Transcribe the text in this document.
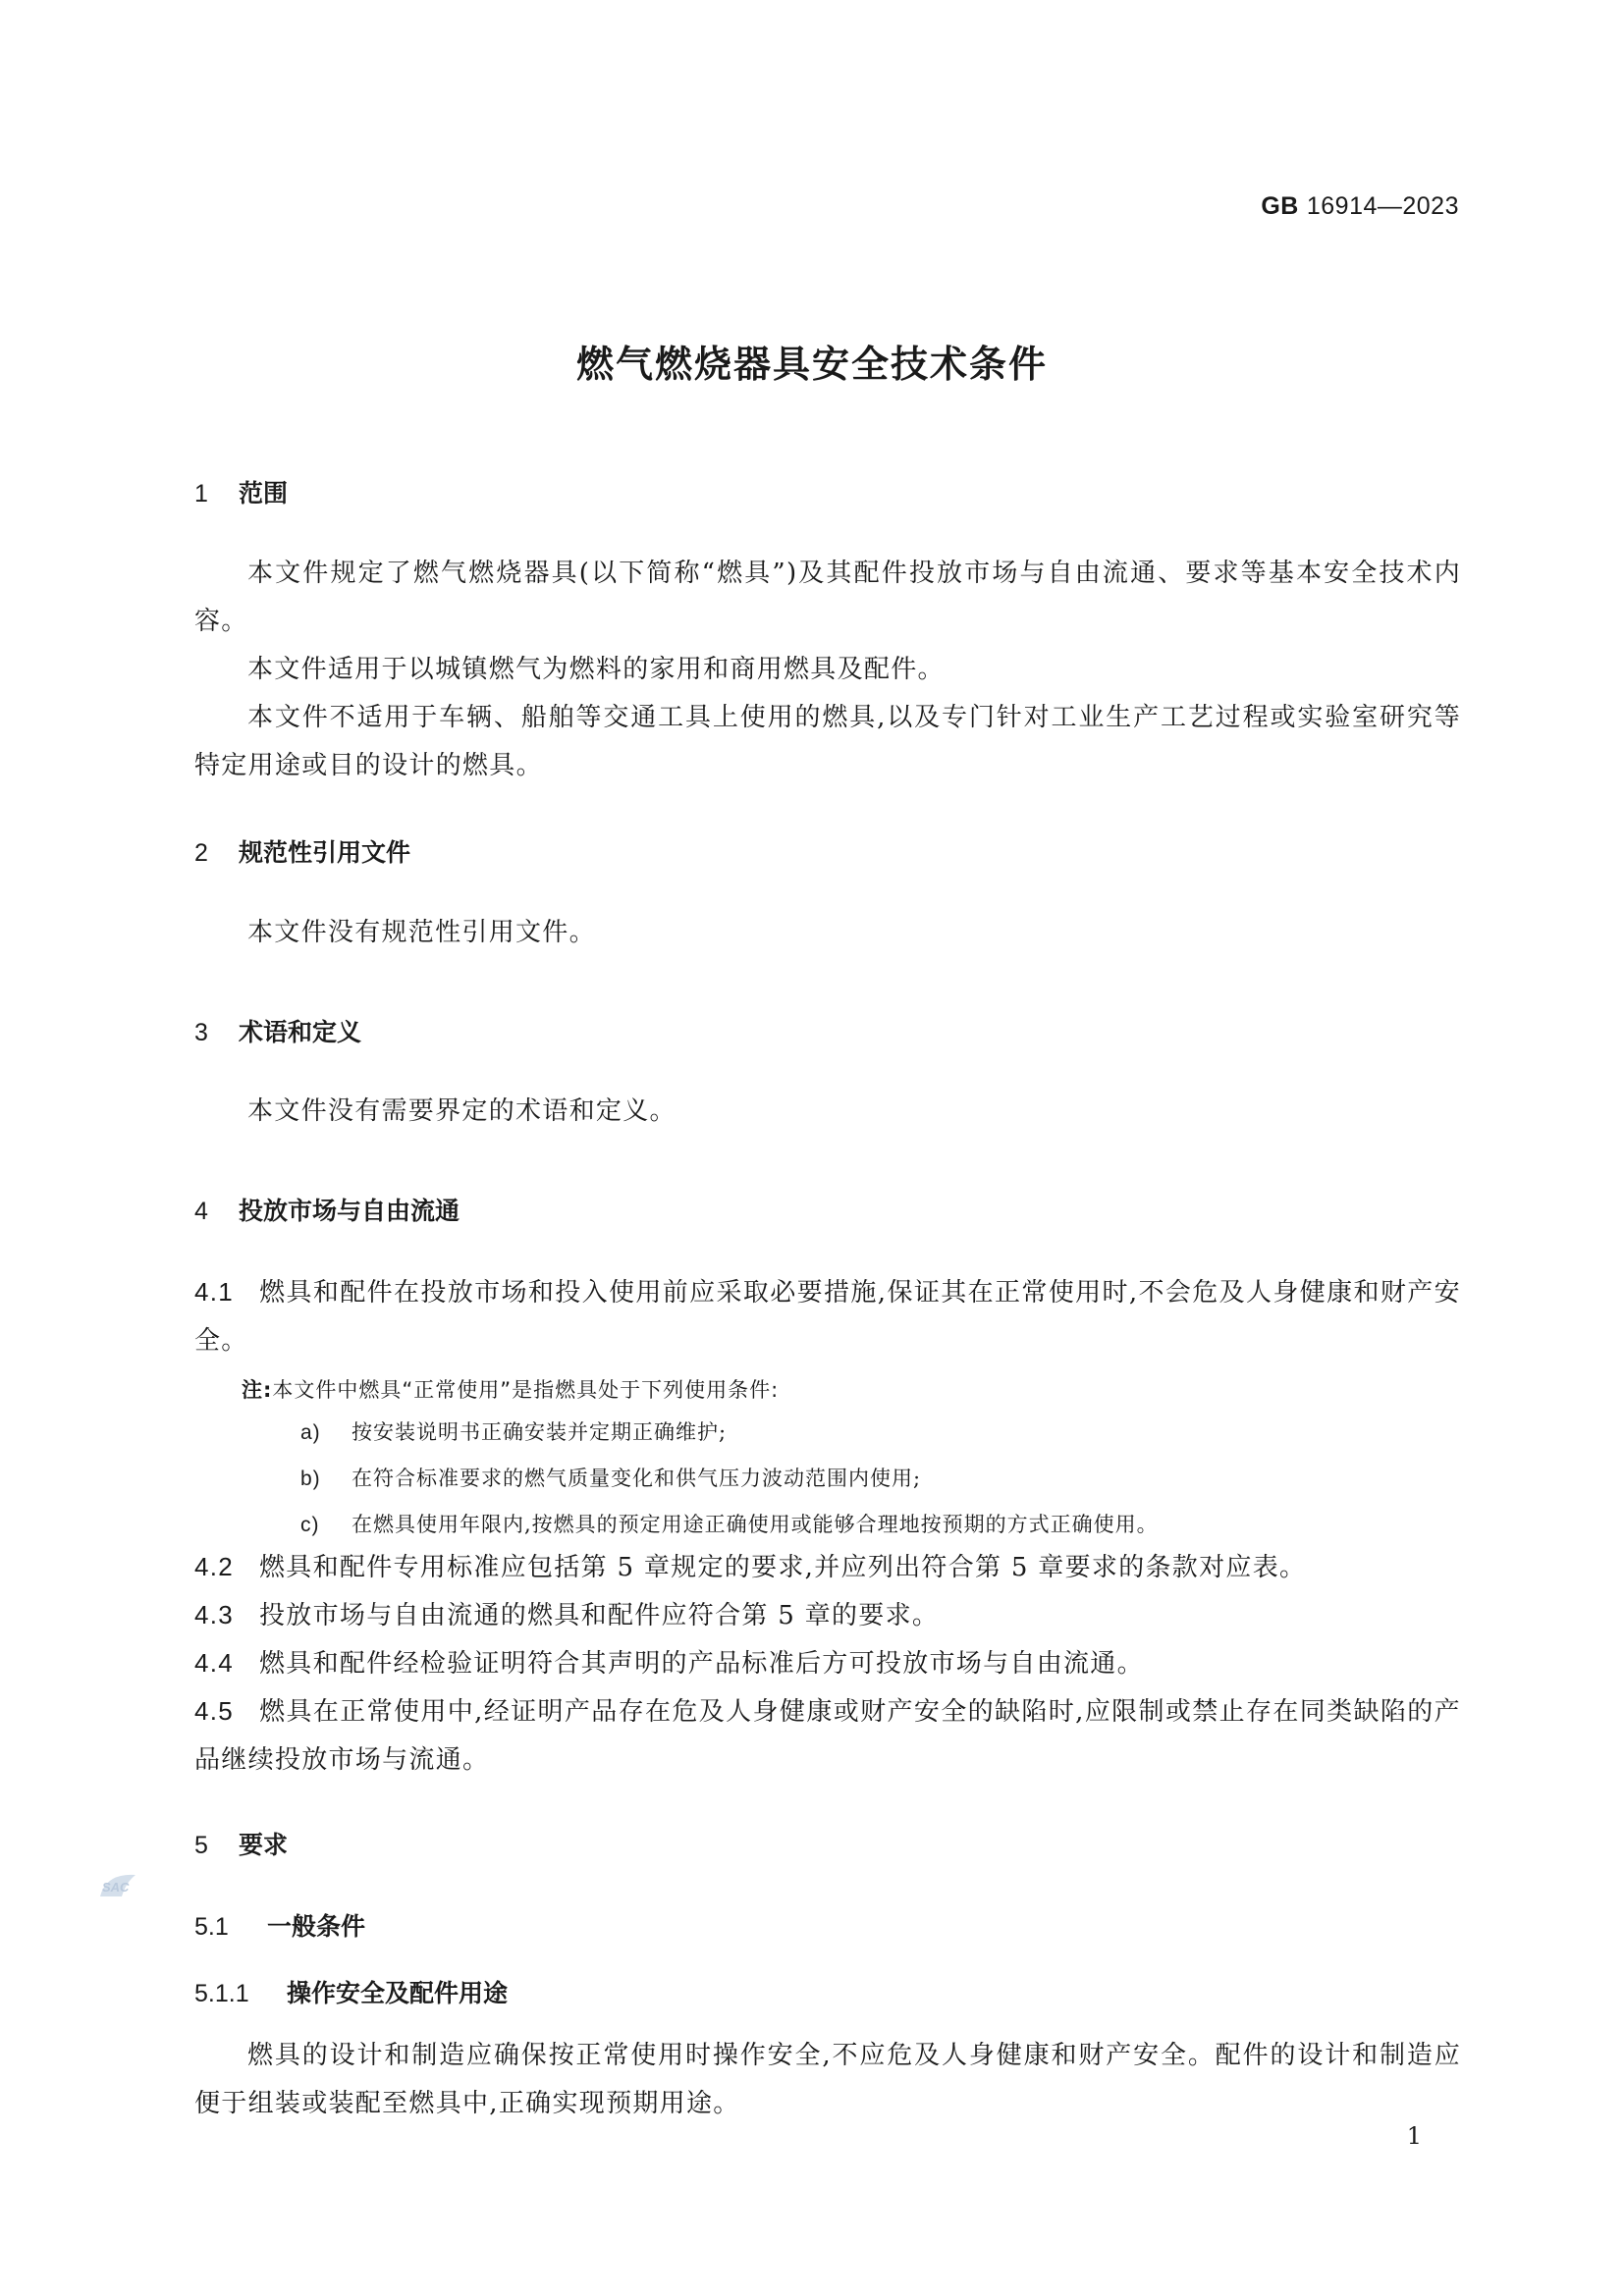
GB 16914—2023
燃气燃烧器具安全技术条件
1 范围
本文件规定了燃气燃烧器具(以下简称“燃具”)及其配件投放市场与自由流通、要求等基本安全技术内容。
本文件适用于以城镇燃气为燃料的家用和商用燃具及配件。
本文件不适用于车辆、船舶等交通工具上使用的燃具,以及专门针对工业生产工艺过程或实验室研究等特定用途或目的设计的燃具。
2 规范性引用文件
本文件没有规范性引用文件。
3 术语和定义
本文件没有需要界定的术语和定义。
4 投放市场与自由流通
4.1 燃具和配件在投放市场和投入使用前应采取必要措施,保证其在正常使用时,不会危及人身健康和财产安全。
注:本文件中燃具“正常使用”是指燃具处于下列使用条件:
a) 按安装说明书正确安装并定期正确维护;
b) 在符合标准要求的燃气质量变化和供气压力波动范围内使用;
c) 在燃具使用年限内,按燃具的预定用途正确使用或能够合理地按预期的方式正确使用。
4.2 燃具和配件专用标准应包括第 5 章规定的要求,并应列出符合第 5 章要求的条款对应表。
4.3 投放市场与自由流通的燃具和配件应符合第 5 章的要求。
4.4 燃具和配件经检验证明符合其声明的产品标准后方可投放市场与自由流通。
4.5 燃具在正常使用中,经证明产品存在危及人身健康或财产安全的缺陷时,应限制或禁止存在同类缺陷的产品继续投放市场与流通。
5 要求
SAC
5.1 一般条件
5.1.1 操作安全及配件用途
燃具的设计和制造应确保按正常使用时操作安全,不应危及人身健康和财产安全。配件的设计和制造应便于组装或装配至燃具中,正确实现预期用途。
1
